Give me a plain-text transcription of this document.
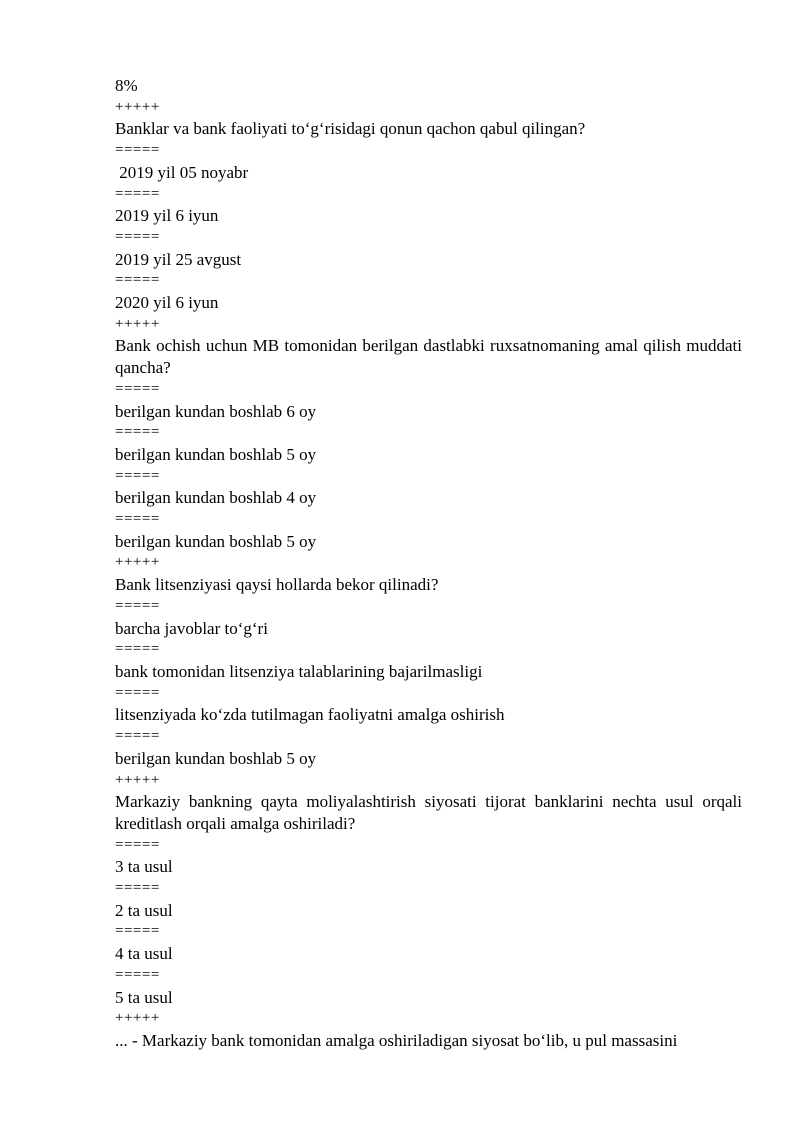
8%

+++++

Banklar va bank faoliyati to‘g‘risidagi qonun qachon qabul qilingan?

=====

2019 yil 05 noyabr

=====

2019 yil 6 iyun

=====

2019 yil 25 avgust

=====

2020 yil 6 iyun

+++++

Bank ochish uchun MB tomonidan berilgan dastlabki ruxsatnomaning amal qilish muddati qancha?

=====

berilgan kundan boshlab 6 oy

=====

berilgan kundan boshlab 5 oy

=====

berilgan kundan boshlab 4 oy

=====

berilgan kundan boshlab 5 oy

+++++

Bank litsenziyasi qaysi hollarda bekor qilinadi?

=====

barcha javoblar to‘g‘ri

=====

bank tomonidan litsenziya talablarining bajarilmasligi

=====

litsenziyada ko‘zda tutilmagan faoliyatni amalga oshirish

=====

berilgan kundan boshlab 5 oy

+++++

Markaziy bankning qayta moliyalashtirish siyosati tijorat banklarini nechta usul orqali kreditlash orqali amalga oshiriladi?

=====

3 ta usul

=====

2 ta usul

=====

4 ta usul

=====

5 ta usul

+++++

... - Markaziy bank tomonidan amalga oshiriladigan siyosat bo‘lib, u pul massasini
